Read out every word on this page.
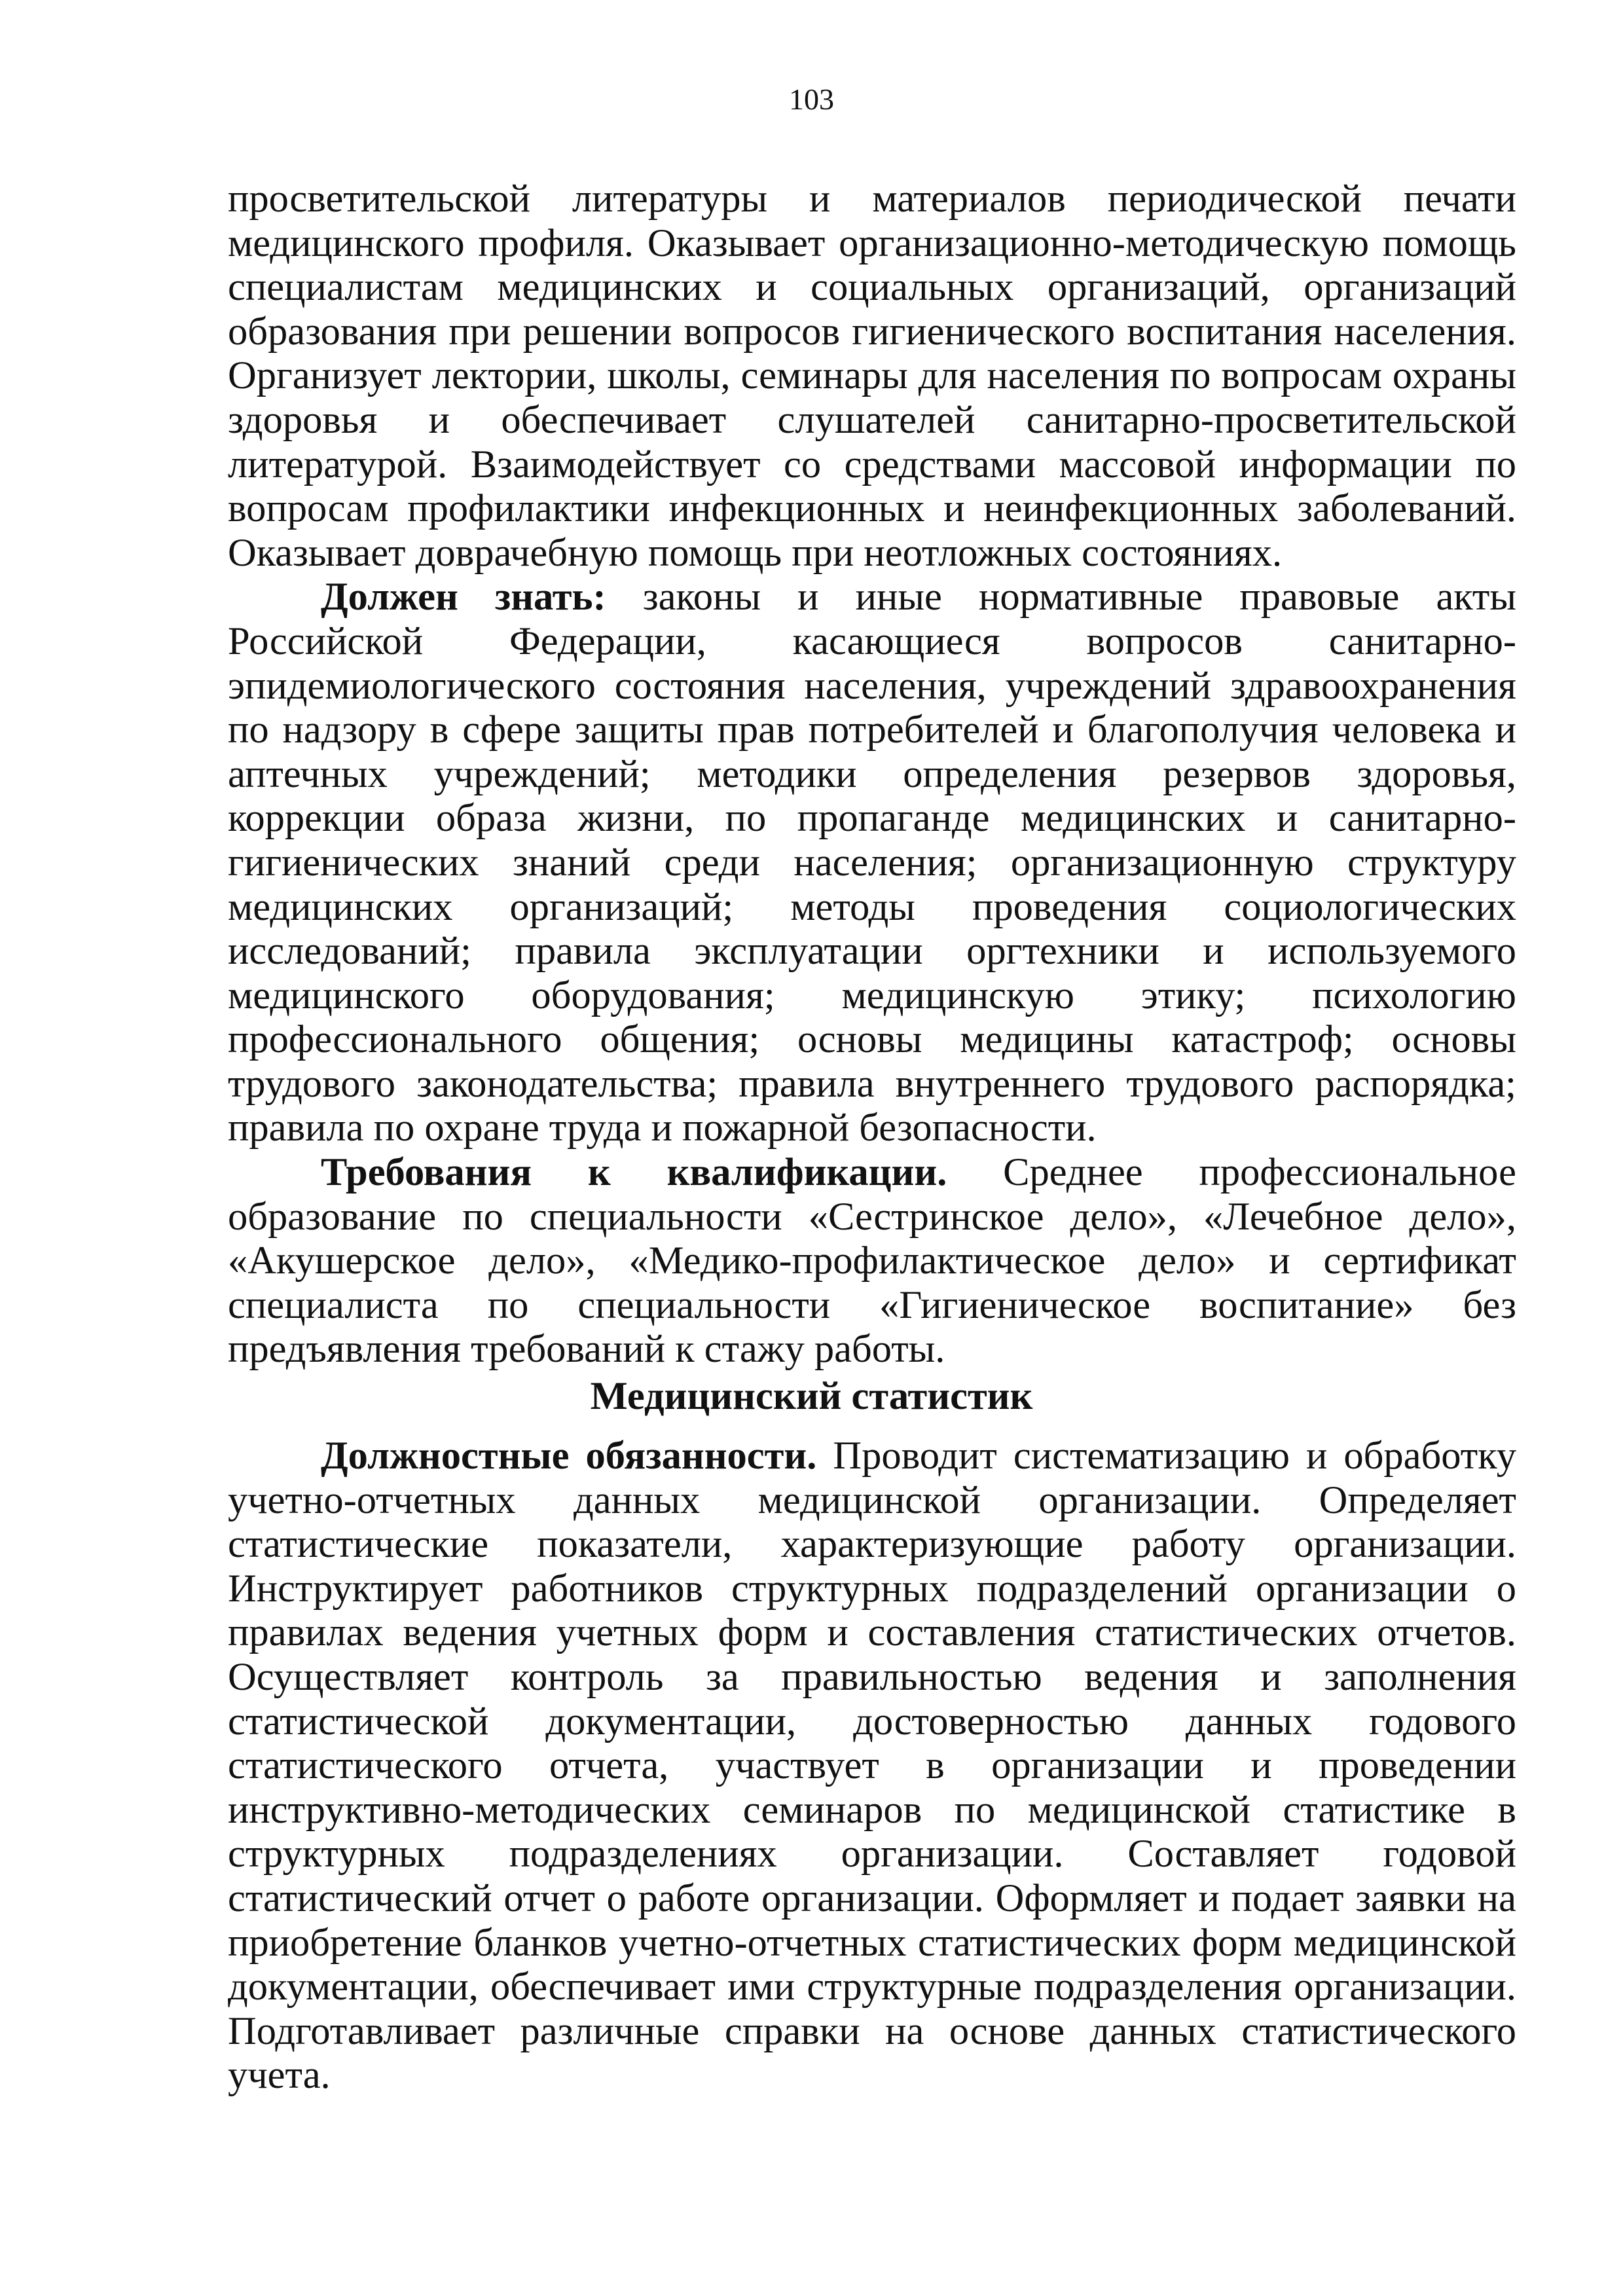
103

просветительской литературы и материалов периодической печати медицинского профиля. Оказывает организационно-методическую помощь специалистам медицинских и социальных организаций, организаций образования при решении вопросов гигиенического воспитания населения. Организует лектории, школы, семинары для населения по вопросам охраны здоровья и обеспечивает слушателей санитарно-просветительской литературой. Взаимодействует со средствами массовой информации по вопросам профилактики инфекционных и неинфекционных заболеваний. Оказывает доврачебную помощь при неотложных состояниях.

Должен знать: законы и иные нормативные правовые акты Российской Федерации, касающиеся вопросов санитарно-эпидемиологического состояния населения, учреждений здравоохранения по надзору в сфере защиты прав потребителей и благополучия человека и аптечных учреждений; методики определения резервов здоровья, коррекции образа жизни, по пропаганде медицинских и санитарно-гигиенических знаний среди населения; организационную структуру медицинских организаций; методы проведения социологических исследований; правила эксплуатации оргтехники и используемого медицинского оборудования; медицинскую этику; психологию профессионального общения; основы медицины катастроф; основы трудового законодательства; правила внутреннего трудового распорядка; правила по охране труда и пожарной безопасности.

Требования к квалификации. Среднее профессиональное образование по специальности «Сестринское дело», «Лечебное дело», «Акушерское дело», «Медико-профилактическое дело» и сертификат специалиста по специальности «Гигиеническое воспитание» без предъявления требований к стажу работы.

Медицинский статистик

Должностные обязанности. Проводит систематизацию и обработку учетно-отчетных данных медицинской организации. Определяет статистические показатели, характеризующие работу организации. Инструктирует работников структурных подразделений организации о правилах ведения учетных форм и составления статистических отчетов. Осуществляет контроль за правильностью ведения и заполнения статистической документации, достоверностью данных годового статистического отчета, участвует в организации и проведении инструктивно-методических семинаров по медицинской статистике в структурных подразделениях организации. Составляет годовой статистический отчет о работе организации. Оформляет и подает заявки на приобретение бланков учетно-отчетных статистических форм медицинской документации, обеспечивает ими структурные подразделения организации. Подготавливает различные справки на основе данных статистического учета.
